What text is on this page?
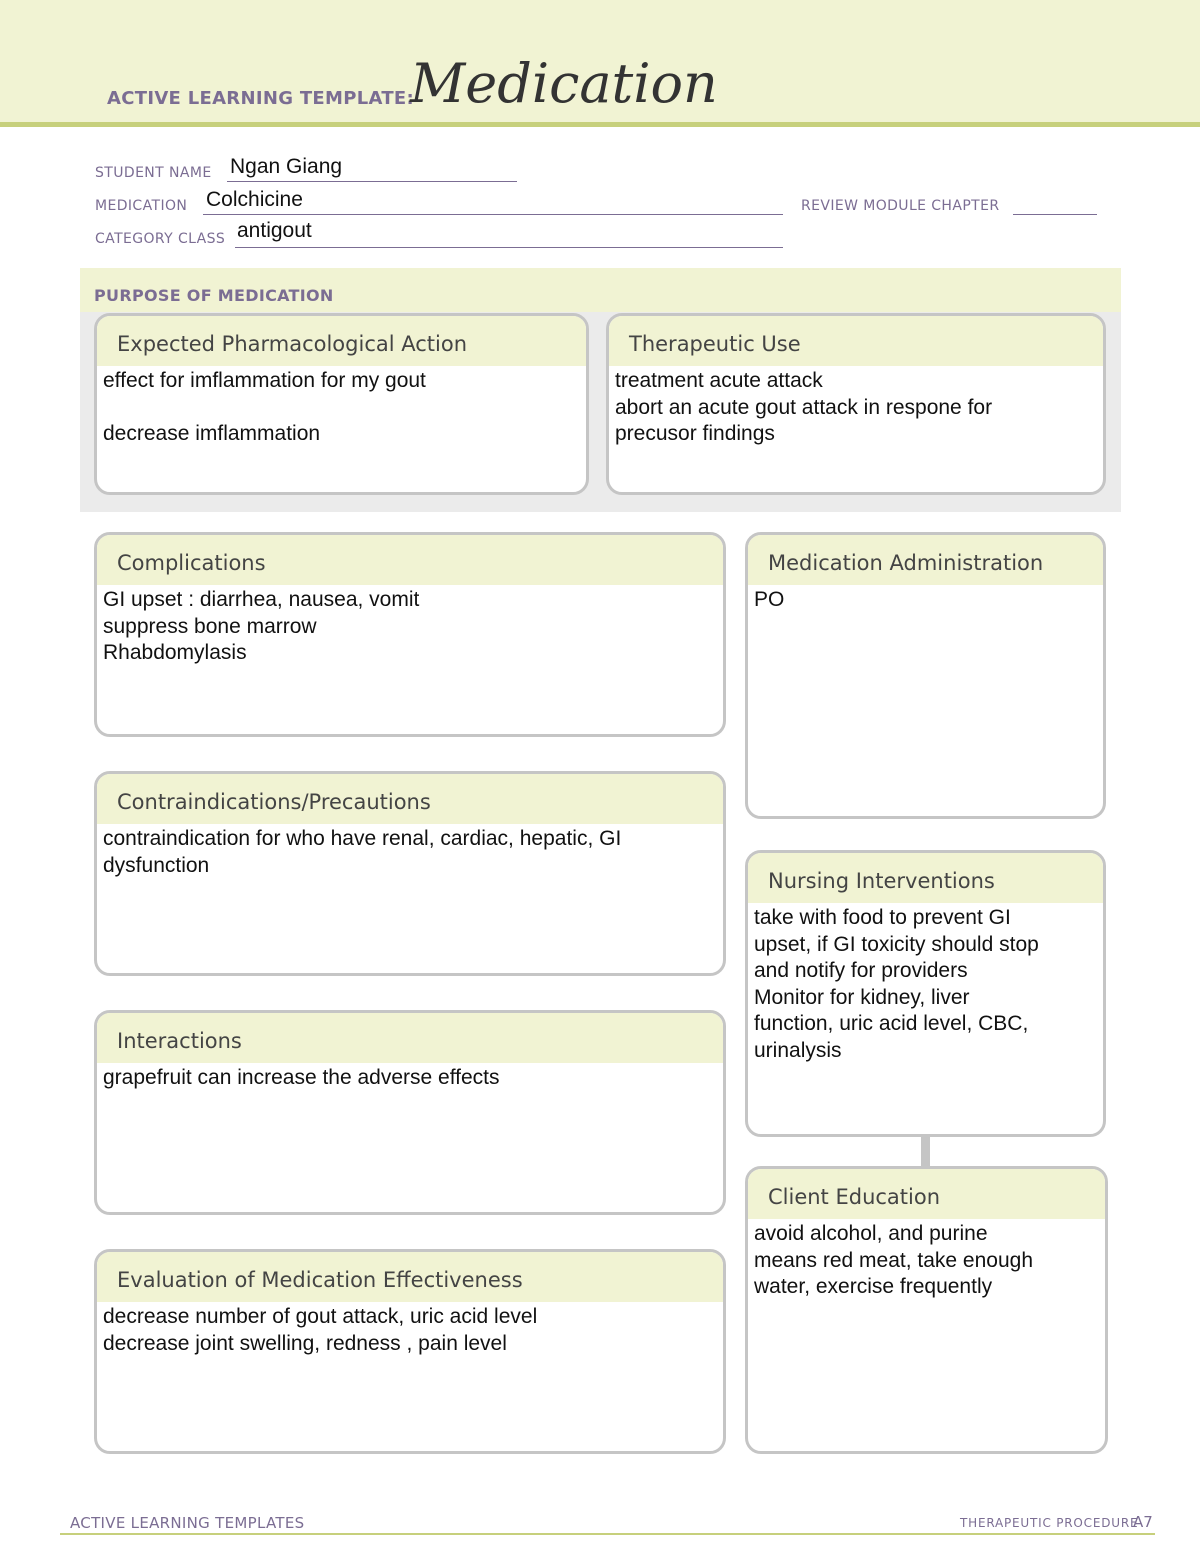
ACTIVE LEARNING TEMPLATE:
Medication
STUDENT NAME Ngan Giang
MEDICATION Colchicine	REVIEW MODULE CHAPTER
CATEGORY CLASS antigout
PURPOSE OF MEDICATION
Expected Pharmacological Action
effect for imflammation for my gout
decrease imflammation
Therapeutic Use
treatment acute attack
abort an acute gout attack in respone for
precusor findings
Complications
GI upset : diarrhea, nausea, vomit
suppress bone marrow
Rhabdomylasis
Contraindications/Precautions
contraindication for who have renal, cardiac, hepatic, GI
dysfunction
Interactions
grapefruit can increase the adverse effects
Evaluation of Medication Effectiveness
decrease number of gout attack, uric acid level
decrease joint swelling, redness , pain level
Medication Administration
PO
Nursing Interventions
take with food to prevent GI
upset, if GI toxicity should stop
and notify for providers
Monitor for kidney, liver
function, uric acid level, CBC,
urinalysis
Client Education
avoid alcohol, and purine
means red meat, take enough
water, exercise frequently
ACTIVE LEARNING TEMPLATES	THERAPEUTIC PROCEDURE
A7
